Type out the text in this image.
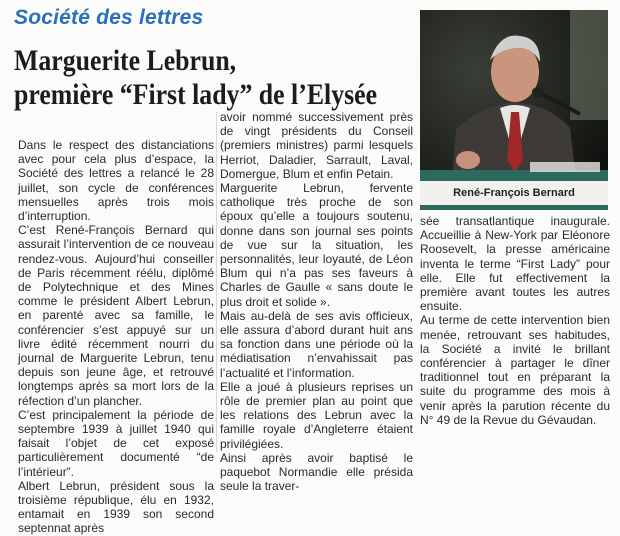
Société des lettres
Marguerite Lebrun,
première “First lady” de l’Elysée
René-François Bernard

Dans le respect des distanciations avec pour cela plus d’espace, la Société des lettres a relancé le 28 juillet, son cycle de conférences mensuelles après trois mois d’interruption.

C’est René-François Bernard qui assurait l’intervention de ce nouveau rendez-vous. Aujourd’hui conseiller de Paris récemment réélu, diplômé de Polytechnique et des Mines comme le président Albert Lebrun, en parenté avec sa famille, le conférencier s’est appuyé sur un livre édité récemment nourri du journal de Marguerite Lebrun, tenu depuis son jeune âge, et retrouvé longtemps après sa mort lors de la réfection d’un plancher.

C’est principalement la période de septembre 1939 à juillet 1940 qui faisait l’objet de cet exposé particulièrement documenté “de l’intérieur”.

Albert Lebrun, président sous la troisième république, élu en 1932, entamait en 1939 son second septennat après

avoir nommé successivement près de vingt présidents du Conseil (premiers ministres) parmi lesquels Herriot, Daladier, Sarrault, Laval, Domergue, Blum et enfin Petain.

Marguerite Lebrun, fervente catholique très proche de son époux qu’elle a toujours soutenu, donne dans son journal ses points de vue sur la situation, les personnalités, leur loyauté, de Léon Blum qui n’a pas ses faveurs à Charles de Gaulle « sans doute le plus droit et solide ».

Mais au-delà de ses avis officieux, elle assura d’abord durant huit ans sa fonction dans une période où la médiatisation n’envahissait pas l’actualité et l’information.

Elle a joué à plusieurs reprises un rôle de premier plan au point que les relations des Lebrun avec la famille royale d’Angleterre étaient privilégiées.

Ainsi après avoir baptisé le paquebot Normandie elle présida seule la traver-

sée transatlantique inaugurale. Accueillie à New-York par Eléonore Roosevelt, la presse américaine inventa le terme “First Lady” pour elle. Elle fut effectivement la première avant toutes les autres ensuite.

Au terme de cette intervention bien menée, retrouvant ses habitudes, la Société a invité le brillant conférencier à partager le dîner traditionnel tout en préparant la suite du programme des mois à venir après la parution récente du N° 49 de la Revue du Gévaudan.
